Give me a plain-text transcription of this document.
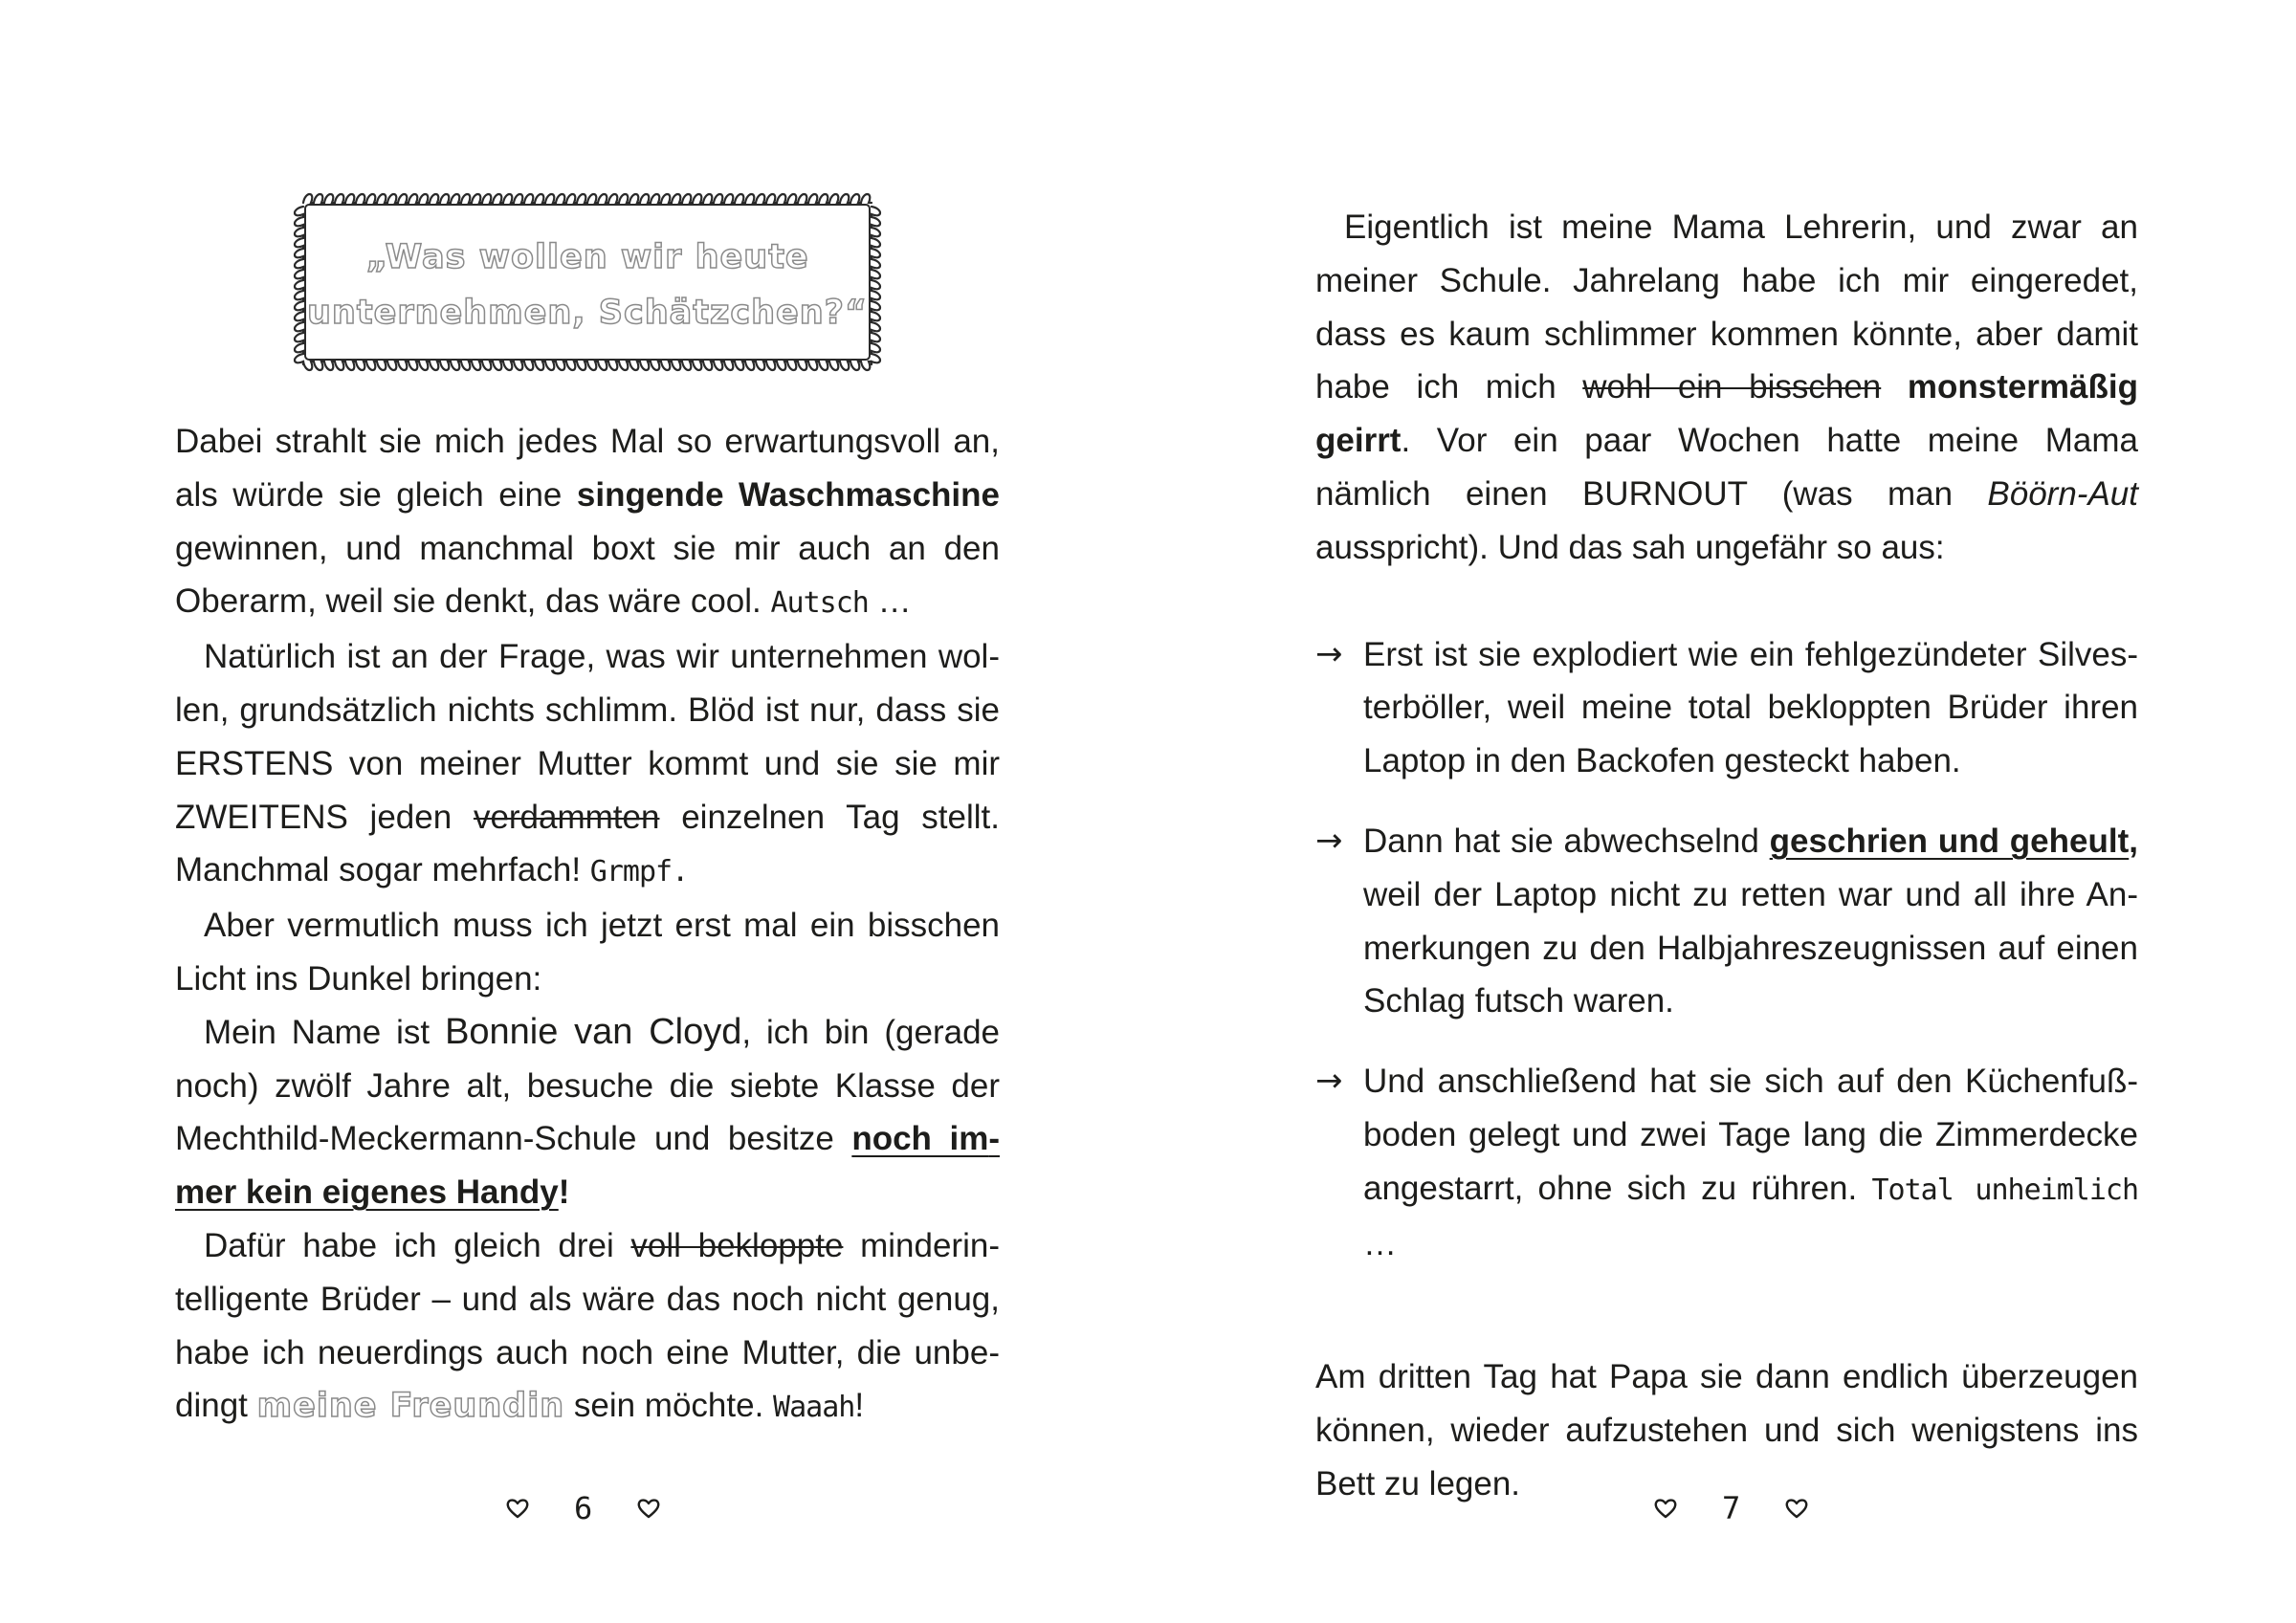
„Was wollen wir heute
unternehmen, Schätzchen?“

Dabei strahlt sie mich jedes Mal so erwartungsvoll an, als würde sie gleich eine singende Waschmaschine gewinnen, und manchmal boxt sie mir auch an den Oberarm, weil sie denkt, das wäre cool. Autsch …

Natürlich ist an der Frage, was wir unternehmen wollen, grundsätzlich nichts schlimm. Blöd ist nur, dass sie ERSTENS von meiner Mutter kommt und sie sie mir ZWEITENS jeden verdammten einzelnen Tag stellt. Manchmal sogar mehrfach! Grmpf.

Aber vermutlich muss ich jetzt erst mal ein bisschen Licht ins Dunkel bringen:

Mein Name ist Bonnie van Cloyd, ich bin (gerade noch) zwölf Jahre alt, besuche die siebte Klasse der Mechthild-Meckermann-Schule und besitze noch immer kein eigenes Handy!

Dafür habe ich gleich drei voll bekloppte minderintelligente Brüder – und als wäre das noch nicht genug, habe ich neuerdings auch noch eine Mutter, die unbedingt meine Freundin sein möchte. Waaah!

6

Eigentlich ist meine Mama Lehrerin, und zwar an meiner Schule. Jahrelang habe ich mir eingeredet, dass es kaum schlimmer kommen könnte, aber damit habe ich mich wohl ein bisschen monstermäßig geirrt. Vor ein paar Wochen hatte meine Mama nämlich einen BURNOUT (was man Böörn-Aut ausspricht). Und das sah ungefähr so aus:

→ Erst ist sie explodiert wie ein fehlgezündeter Silvesterböller, weil meine total bekloppten Brüder ihren Laptop in den Backofen gesteckt haben.

→ Dann hat sie abwechselnd geschrien und geheult, weil der Laptop nicht zu retten war und all ihre Anmerkungen zu den Halbjahreszeugnissen auf einen Schlag futsch waren.

→ Und anschließend hat sie sich auf den Küchenfußboden gelegt und zwei Tage lang die Zimmerdecke angestarrt, ohne sich zu rühren. Total unheimlich …

Am dritten Tag hat Papa sie dann endlich überzeugen können, wieder aufzustehen und sich wenigstens ins Bett zu legen.

7
